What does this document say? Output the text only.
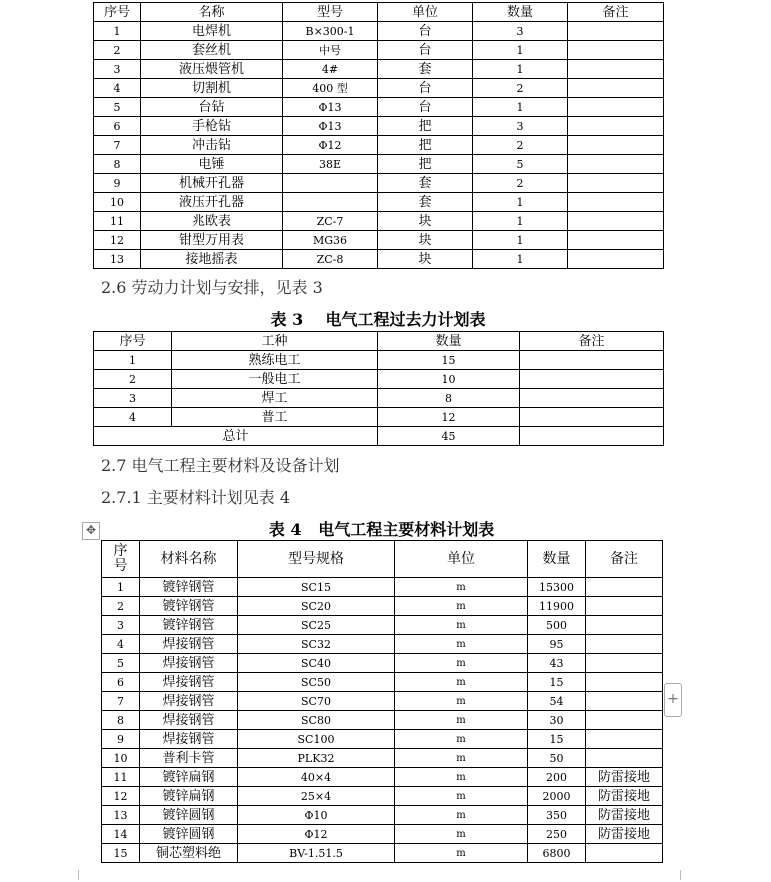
序号	名称	型号	单位	数量	备注
1	电焊机	B×300-1	台	3	
2	套丝机	中号	台	1	
3	液压煨管机	4#	套	1	
4	切割机	400 型	台	2	
5	台钻	Φ13	台	1	
6	手枪钻	Φ13	把	3	
7	冲击钻	Φ12	把	2	
8	电锤	38E	把	5	
9	机械开孔器		套	2	
10	液压开孔器		套	1	
11	兆欧表	ZC-7	块	1	
12	钳型万用表	MG36	块	1	
13	接地摇表	ZC-8	块	1	

2.6 劳动力计划与安排，见表 3

表 3    电气工程过去力计划表

序号	工种	数量	备注
1	熟练电工	15	
2	一般电工	10	
3	焊工	8	
4	普工	12	
总计		45	

2.7 电气工程主要材料及设备计划

2.7.1 主要材料计划见表 4

✥	表 4   电气工程主要材料计划表

序
号	材料名称	型号规格	单位	数量	备注
1	镀锌钢管	SC15	m	15300	
2	镀锌钢管	SC20	m	11900	
3	镀锌钢管	SC25	m	500	
4	焊接钢管	SC32	m	95	
5	焊接钢管	SC40	m	43	
6	焊接钢管	SC50	m	15	
7	焊接钢管	SC70	m	54	
8	焊接钢管	SC80	m	30	
9	焊接钢管	SC100	m	15	
10	普利卡管	PLK32	m	50	
11	镀锌扁钢	40×4	m	200	防雷接地
12	镀锌扁钢	25×4	m	2000	防雷接地
13	镀锌圆钢	Φ10	m	350	防雷接地
14	镀锌圆钢	Φ12	m	250	防雷接地
15	铜芯塑料绝	BV-1.51.5	m	6800	
+
